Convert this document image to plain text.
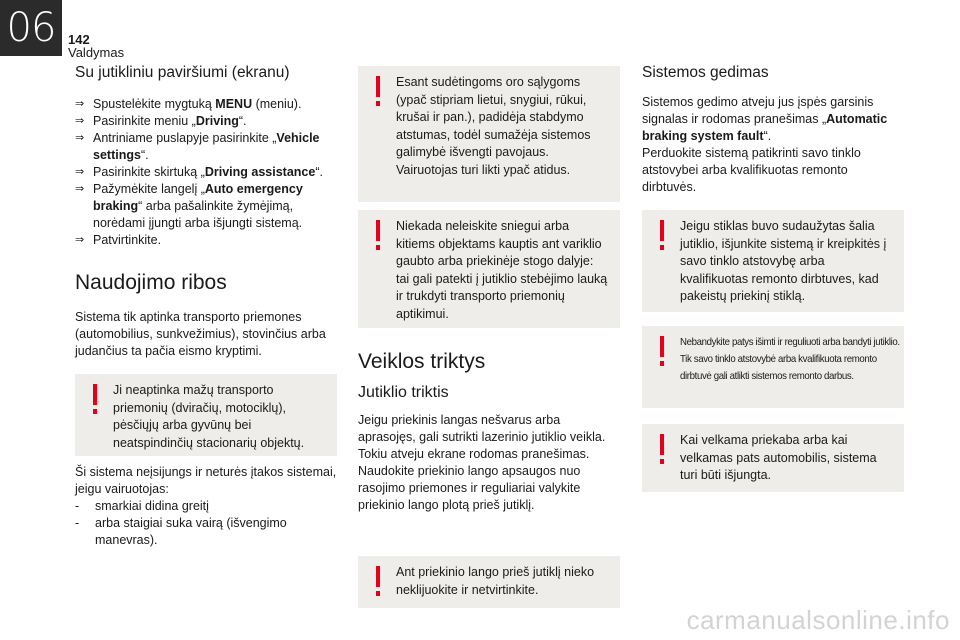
06 142
Valdymas
Su jutikliniu paviršiumi (ekranu)
⇒ Spustelėkite mygtuką MENU (meniu).
⇒ Pasirinkite meniu „Driving“.
⇒ Antriniame puslapyje pasirinkite „Vehicle settings“.
⇒ Pasirinkite skirtuką „Driving assistance“.
⇒ Pažymėkite langelį „Auto emergency braking“ arba pašalinkite žymėjimą, norėdami įjungti arba išjungti sistemą.
⇒ Patvirtinkite.
Naudojimo ribos

Sistema tik aptinka transporto priemones (automobilius, sunkvežimius), stovinčius arba judančius ta pačia eismo kryptimi.

Ji neaptinka mažų transporto priemonių (dviračių, motociklų), pėsčiųjų arba gyvūnų bei neatspindinčių stacionarių objektų.

Ši sistema neįsijungs ir neturės įtakos sistemai, jeigu vairuotojas:

- smarkiai didina greitį
- arba staigiai suka vairą (išvengimo manevras).

Esant sudėtingoms oro sąlygoms (ypač stipriam lietui, snygiui, rūkui, krušai ir pan.), padidėja stabdymo atstumas, todėl sumažėja sistemos galimybė išvengti pavojaus.
Vairuotojas turi likti ypač atidus.

Niekada neleiskite sniegui arba kitiems objektams kauptis ant variklio gaubto arba priekinėje stogo dalyje: tai gali patekti į jutiklio stebėjimo lauką ir trukdyti transporto priemonių aptikimui.

Veiklos triktys
Jutiklio triktis

Jeigu priekinis langas nešvarus arba aprasojęs, gali sutrikti lazerinio jutiklio veikla. Tokiu atveju ekrane rodomas pranešimas. Naudokite priekinio lango apsaugos nuo rasojimo priemones ir reguliariai valykite priekinio lango plotą prieš jutiklį.

Ant priekinio lango prieš jutiklį nieko neklijuokite ir netvirtinkite.

Sistemos gedimas

Sistemos gedimo atveju jus įspės garsinis signalas ir rodomas pranešimas „Automatic braking system fault“.
Perduokite sistemą patikrinti savo tinklo atstovybei arba kvalifikuotas remonto dirbtuvės.

Jeigu stiklas buvo sudaužytas šalia jutiklio, išjunkite sistemą ir kreipkitės į savo tinklo atstovybę arba kvalifikuotas remonto dirbtuves, kad pakeistų priekinį stiklą.

Nebandykite patys išimti ir reguliuoti arba bandyti jutiklio.
Tik savo tinklo atstovybė arba kvalifikuota remonto dirbtuvė gali atlikti sistemos remonto darbus.

Kai velkama priekaba arba kai velkamas pats automobilis, sistema turi būti išjungta.

carmanualsonline.info
